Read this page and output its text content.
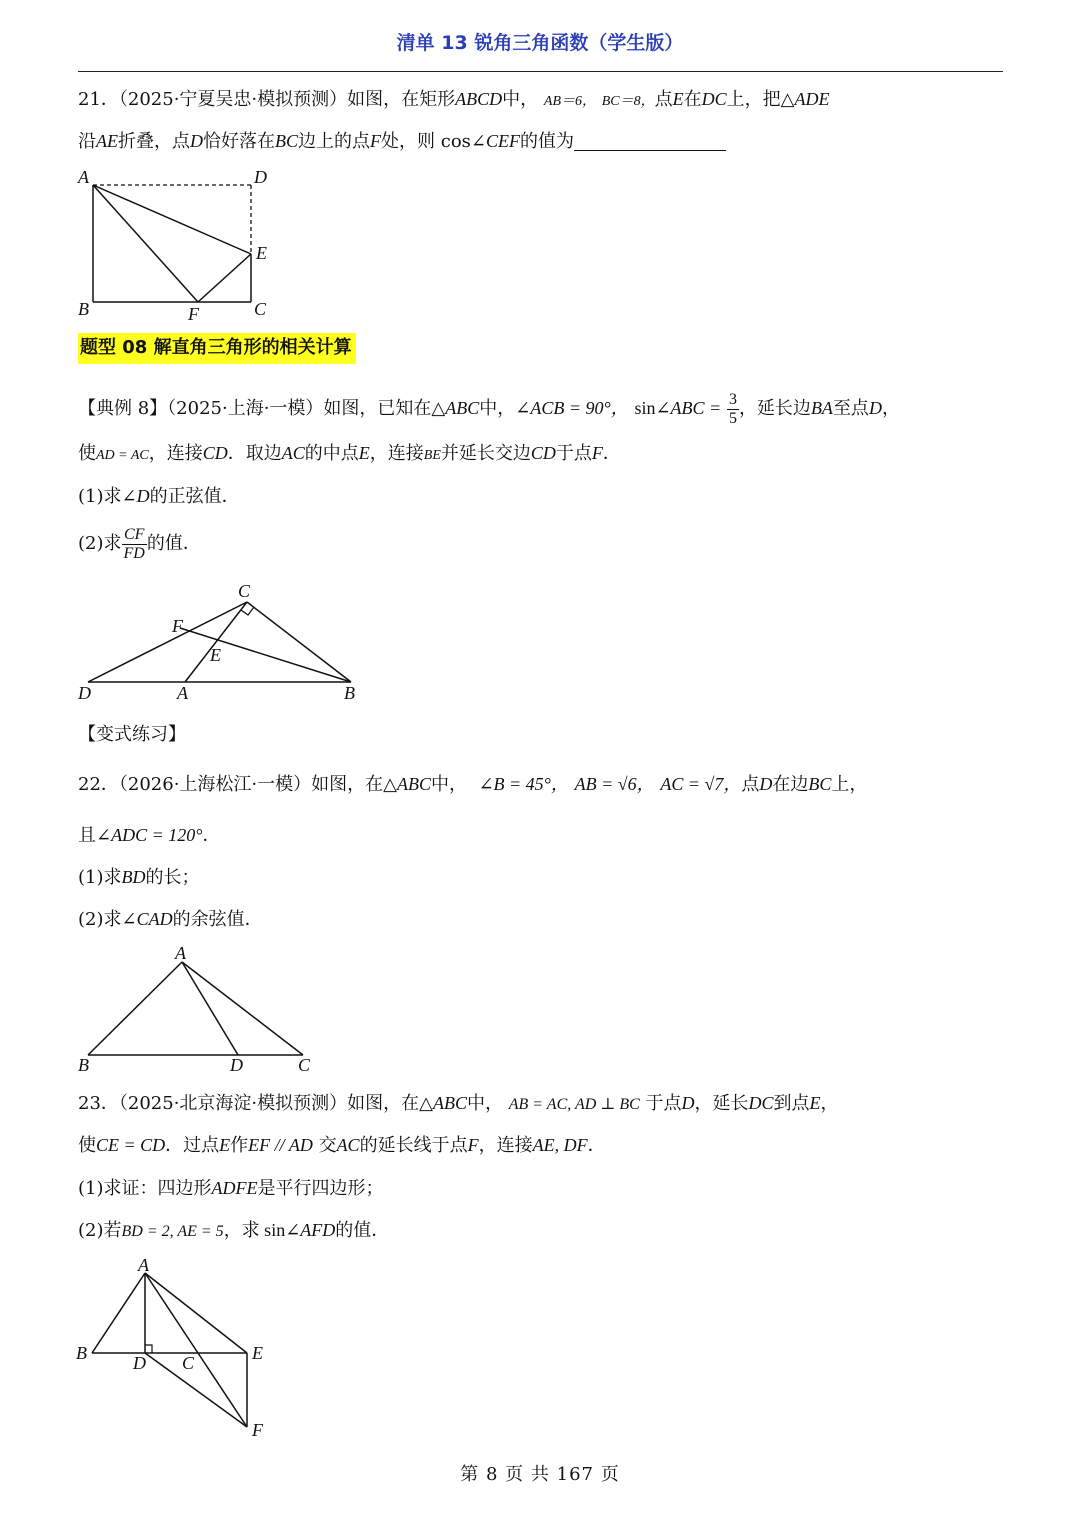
清单 13 锐角三角函数（学生版）
21．（2025·宁夏吴忠·模拟预测）如图，在矩形ABCD中， AB＝6， BC＝8，点E在DC上，把△ADE
沿AE折叠，点D恰好落在BC边上的点F处，则 cos∠CEF的值为
A	D
E
B	F	C
题型 08 解直角三角形的相关计算
【典例 8】（2025·上海·一模）如图，已知在△ABC中，∠ACB = 90°， sin∠ABC = $\frac{3}{5}$ ，延长边BA至点D，
使AD = AC，连接CD．取边AC的中点E，连接BE并延长交边CD于点F．
(1)求∠D的正弦值．
(2)求 $\frac{CF}{FD}$ 的值．
C
F
E
D	A	B
【变式练习】
22．（2026·上海松江·一模）如图，在△ABC中， ∠B = 45°， AB = √6， AC = √7，点D在边BC上，
且∠ADC = 120°．
(1)求BD的长；
(2)求∠CAD的余弦值．
A
B	D	C
23．（2025·北京海淀·模拟预测）如图，在△ABC中， AB = AC, AD ⊥ BC 于点D，延长DC到点E，
使CE = CD．过点E作EF // AD 交AC的延长线于点F，连接AE, DF．
(1)求证：四边形ADFE是平行四边形；
(2)若BD = 2, AE = 5，求 sin∠AFD的值．
A
B	D C	E
F
第 8 页 共 167 页
